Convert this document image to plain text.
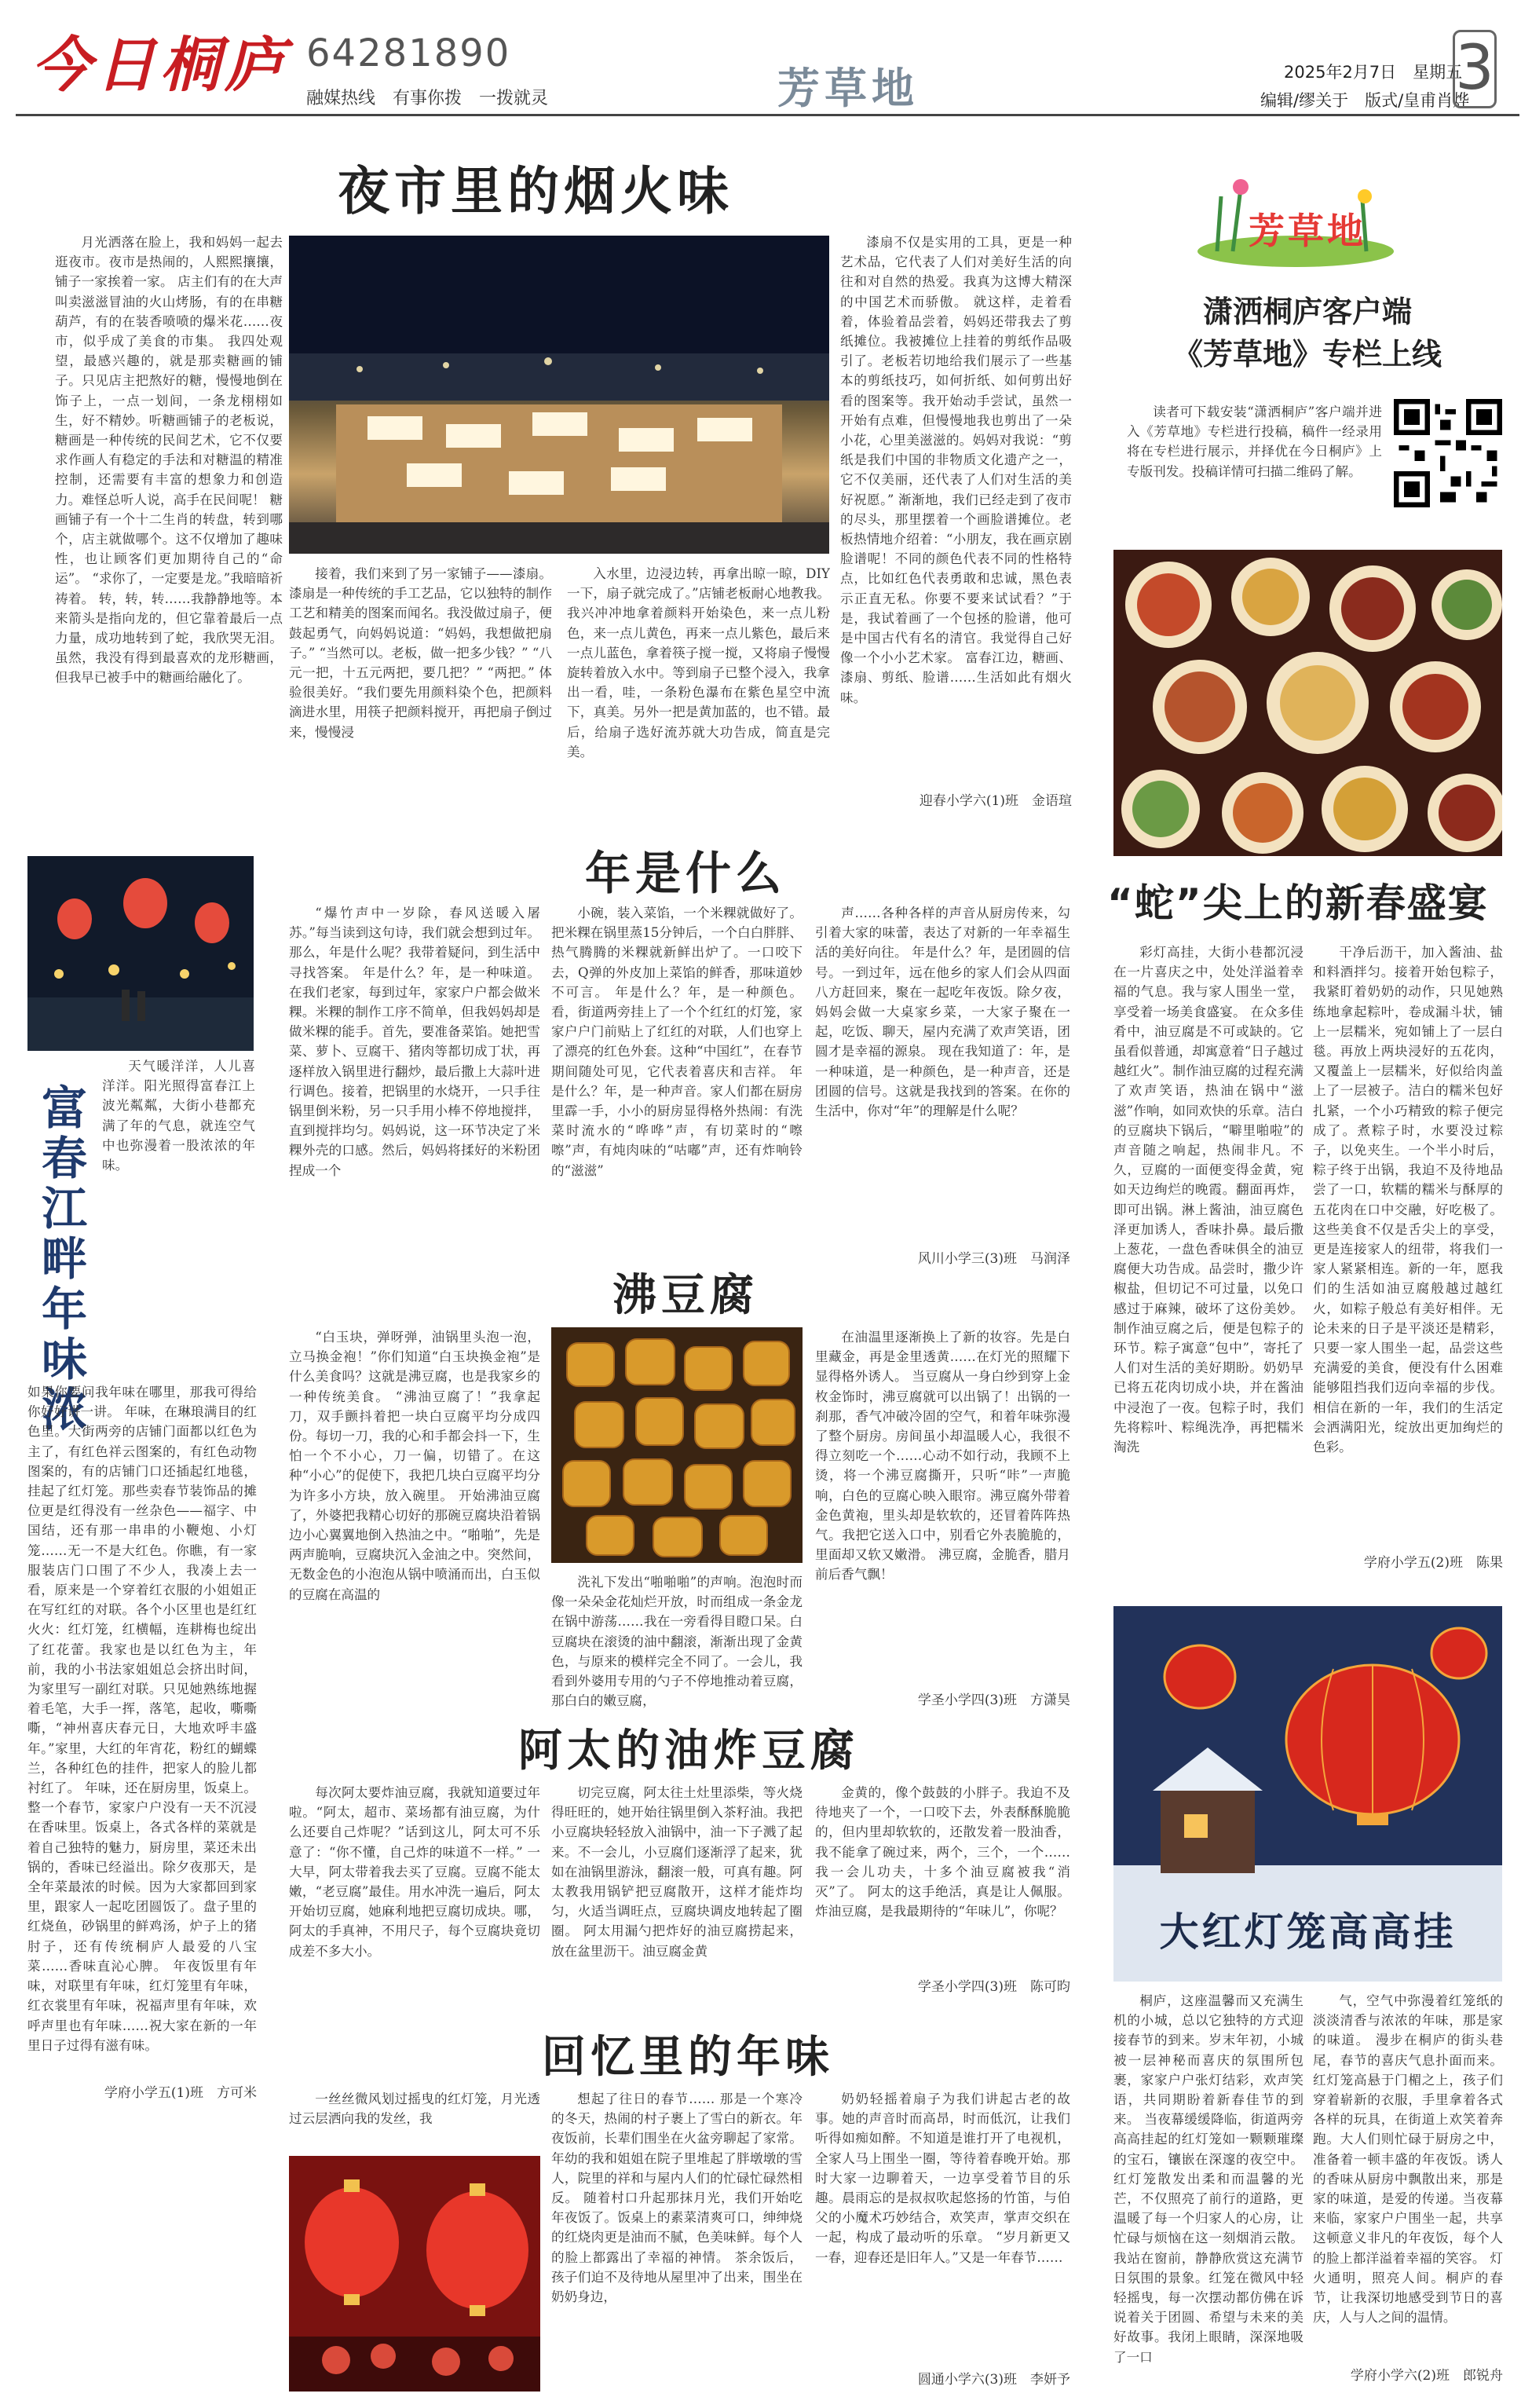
今日桐庐 64281890
融媒热线　有事你拨　一拨就灵	芳草地	2025年2月7日　星期五
编辑/缪关于　版式/皇甫肖烨
3
夜市里的烟火味
月光洒落在脸上，我和妈妈一起去逛夜市。夜市是热闹的，人熙熙攘攘，铺子一家挨着一家。 店主们有的在大声叫卖滋滋冒油的火山烤肠，有的在串糖葫芦，有的在装香喷喷的爆米花……夜市，似乎成了美食的市集。 我四处观望，最感兴趣的，就是那卖糖画的铺子。只见店主把熬好的糖，慢慢地倒在饰子上，一点一划间，一条龙栩栩如生，好不精妙。听糖画铺子的老板说，糖画是一种传统的民间艺术，它不仅要求作画人有稳定的手法和对糖温的精准控制，还需要有丰富的想象力和创造力。难怪总听人说，高手在民间呢！ 糖画铺子有一个十二生肖的转盘，转到哪个，店主就做哪个。这不仅增加了趣味性，也让顾客们更加期待自己的“命运”。 “求你了，一定要是龙。”我暗暗祈祷着。 转，转，转……我静静地等。本来箭头是指向龙的，但它靠着最后一点力量，成功地转到了蛇，我欣哭无泪。虽然，我没有得到最喜欢的龙形糖画，但我早已被手中的糖画给融化了。
接着，我们来到了另一家铺子——漆扇。漆扇是一种传统的手工艺品，它以独特的制作工艺和精美的图案而闻名。我没做过扇子，便鼓起勇气，向妈妈说道：“妈妈，我想做把扇子。” “当然可以。老板，做一把多少钱？” “八元一把，十五元两把，要几把？” “两把。” 体验很美好。“我们要先用颜料染个色，把颜料滴进水里，用筷子把颜料搅开，再把扇子倒过来，慢慢浸
入水里，边浸边转，再拿出晾一晾，DIY一下，扇子就完成了。”店铺老板耐心地教我。 我兴冲冲地拿着颜料开始染色，来一点儿粉色，来一点儿黄色，再来一点儿紫色，最后来一点儿蓝色，拿着筷子搅一搅，又将扇子慢慢旋转着放入水中。等到扇子已整个浸入，我拿出一看，哇，一条粉色瀑布在紫色星空中流下，真美。另外一把是黄加蓝的，也不错。最后，给扇子选好流苏就大功告成，简直是完美。
漆扇不仅是实用的工具，更是一种艺术品，它代表了人们对美好生活的向往和对自然的热爱。我真为这博大精深的中国艺术而骄傲。 就这样，走着看着，体验着品尝着，妈妈还带我去了剪纸摊位。我被摊位上挂着的剪纸作品吸引了。老板若切地给我们展示了一些基本的剪纸技巧，如何折纸、如何剪出好看的图案等。我开始动手尝试，虽然一开始有点难，但慢慢地我也剪出了一朵小花，心里美滋滋的。妈妈对我说：“剪纸是我们中国的非物质文化遗产之一，它不仅美丽，还代表了人们对生活的美好祝愿。” 渐渐地，我们已经走到了夜市的尽头，那里摆着一个画脸谱摊位。老板热情地介绍着：“小朋友，我在画京剧脸谱呢！不同的颜色代表不同的性格特点，比如红色代表勇敢和忠诚，黑色表示正直无私。你要不要来试试看？”于是，我试着画了一个包拯的脸谱，他可是中国古代有名的清官。我觉得自己好像一个小小艺术家。 富春江边，糖画、漆扇、剪纸、脸谱……生活如此有烟火味。
迎春小学六(1)班　金语瑄
芳草地
潇洒桐庐客户端
《芳草地》专栏上线
读者可下载安装“潇洒桐庐”客户端并进入《芳草地》专栏进行投稿，稿件一经录用将在专栏进行展示，并择优在今日桐庐》上专版刊发。投稿详情可扫描二维码了解。
“蛇”尖上的新春盛宴
彩灯高挂，大街小巷都沉浸在一片喜庆之中，处处洋溢着幸福的气息。我与家人围坐一堂，享受着一场美食盛宴。 在众多佳肴中，油豆腐是不可或缺的。它虽看似普通，却寓意着“日子越过越红火”。制作油豆腐的过程充满了欢声笑语，热油在锅中“滋滋”作响，如同欢快的乐章。洁白的豆腐块下锅后，“噼里啪啦”的声音随之响起，热闹非凡。不久，豆腐的一面便变得金黄，宛如天边绚烂的晚霞。翻面再炸，即可出锅。淋上酱油，油豆腐色泽更加诱人，香味扑鼻。最后撒上葱花，一盘色香味俱全的油豆腐便大功告成。品尝时，撒少许椒盐，但切记不可过量，以免口感过于麻辣，破坏了这份美妙。 制作油豆腐之后，便是包粽子的环节。粽子寓意“包中”，寄托了人们对生活的美好期盼。奶奶早已将五花肉切成小块，并在酱油中浸泡了一夜。包粽子时，我们先将粽叶、粽绳洗净，再把糯米淘洗
干净后沥干，加入酱油、盐和料酒拌匀。接着开始包粽子，我紧盯着奶奶的动作，只见她熟练地拿起粽叶，卷成漏斗状，铺上一层糯米，宛如铺上了一层白毯。再放上两块浸好的五花肉，又覆盖上一层糯米，好似给肉盖上了一层被子。洁白的糯米包好扎紧，一个小巧精致的粽子便完成了。煮粽子时，水要没过粽子，以免夹生。一个半小时后，粽子终于出锅，我迫不及待地品尝了一口，软糯的糯米与酥厚的五花肉在口中交融，好吃极了。 这些美食不仅是舌尖上的享受，更是连接家人的纽带，将我们一家人紧紧相连。新的一年，愿我们的生活如油豆腐般越过越红火，如粽子般总有美好相伴。无论未来的日子是平淡还是精彩，只要一家人围坐一起，品尝这些充满爱的美食，便没有什么困难能够阻挡我们迈向幸福的步伐。 相信在新的一年，我们的生活定会洒满阳光，绽放出更加绚烂的色彩。
学府小学五(2)班　陈果
年是什么
“爆竹声中一岁除，春风送暖入屠苏。”每当读到这句诗，我们就会想到过年。那么，年是什么呢？我带着疑问，到生活中寻找答案。 年是什么？年，是一种味道。在我们老家，每到过年，家家户户都会做米粿。米粿的制作工序不简单，但我妈妈却是做米粿的能手。首先，要准备菜馅。她把雪菜、萝卜、豆腐干、猪肉等都切成丁状，再逐样放入锅里进行翻炒，最后撒上大蒜叶进行调色。接着，把锅里的水烧开，一只手往锅里倒米粉，另一只手用小棒不停地搅拌，直到搅拌均匀。妈妈说，这一环节决定了米粿外壳的口感。然后，妈妈将揉好的米粉团捏成一个
小碗，装入菜馅，一个米粿就做好了。把米粿在锅里蒸15分钟后，一个白白胖胖、热气腾腾的米粿就新鲜出炉了。一口咬下去，Q弹的外皮加上菜馅的鲜香，那味道妙不可言。 年是什么？年，是一种颜色。看，街道两旁挂上了一个个红红的灯笼，家家户户门前贴上了红红的对联，人们也穿上了漂亮的红色外套。这种“中国红”，在春节期间随处可见，它代表着喜庆和吉祥。 年是什么？年，是一种声音。家人们都在厨房里霹一手，小小的厨房显得格外热闹：有洗菜时流水的“哗哗”声，有切菜时的“嚓嚓”声，有炖肉味的“咕嘟”声，还有炸响铃的“滋滋”
声……各种各样的声音从厨房传来，勾引着大家的味蕾，表达了对新的一年幸福生活的美好向往。 年是什么？年，是团圆的信号。一到过年，远在他乡的家人们会从四面八方赶回来，聚在一起吃年夜饭。除夕夜，妈妈会做一大桌家乡菜，一大家子聚在一起，吃饭、聊天，屋内充满了欢声笑语，团圆才是幸福的源泉。 现在我知道了：年，是一种味道，是一种颜色，是一种声音，还是团圆的信号。这就是我找到的答案。在你的生活中，你对“年”的理解是什么呢？
风川小学三(3)班　马润泽
富春江畔年味浓
天气暖洋洋，人儿喜洋洋。阳光照得富春江上波光粼粼，大街小巷都充满了年的气息，就连空气中也弥漫着一股浓浓的年味。
如果你要问我年味在哪里，那我可得给你好好讲一讲。 年味，在琳琅满目的红色里。大街两旁的店铺门面都以红色为主了，有红色祥云图案的，有红色动物图案的，有的店铺门口还插起红地毯，挂起了红灯笼。那些卖春节装饰品的摊位更是红得没有一丝杂色——福字、中国结，还有那一串串的小鞭炮、小灯笼……无一不是大红色。你瞧，有一家服装店门口围了不少人，我凑上去一看，原来是一个穿着红衣服的小姐姐正在写红红的对联。各个小区里也是红红火火：红灯笼，红横幅，连耕梅也绽出了红花蕾。我家也是以红色为主，年前，我的小书法家姐姐总会挤出时间，为家里写一副红对联。只见她熟练地握着毛笔，大手一挥，落笔，起收，嘶嘶嘶，“神州喜庆春元日，大地欢呼丰盛年。”家里，大红的年宵花，粉红的蝴蝶兰，各种红色的挂件，把家人的脸儿都衬红了。 年味，还在厨房里，饭桌上。整一个春节，家家户户没有一天不沉浸在香味里。饭桌上，各式各样的菜就是着自己独特的魅力，厨房里，菜还未出锅的，香味已经溢出。除夕夜那天，是全年菜最浓的时候。因为大家都回到家里，跟家人一起吃团圆饭了。盘子里的红烧鱼，砂锅里的鲜鸡汤，炉子上的猪肘子，还有传统桐庐人最爱的八宝菜……香味直沁心脾。 年夜饭里有年味，对联里有年味，红灯笼里有年味，红衣裳里有年味，祝福声里有年味，欢呼声里也有年味……祝大家在新的一年里日子过得有滋有味。
学府小学五(1)班　方可米
沸豆腐
“白玉块，弹呀弹，油锅里头泡一泡，立马换金袍！”你们知道“白玉块换金袍”是什么美食吗？这就是沸豆腐，也是我家乡的一种传统美食。 “沸油豆腐了！”我拿起刀，双手颤抖着把一块白豆腐平均分成四份。每切一刀，我的心和手都会抖一下，生怕一个不小心，刀一偏，切错了。在这种“小心”的促使下，我把几块白豆腐平均分为许多小方块，放入碗里。 开始沸油豆腐了，外婆把我精心切好的那碗豆腐块沿着锅边小心翼翼地倒入热油之中。“啪啪”，先是两声脆响，豆腐块沉入金油之中。突然间，无数金色的小泡泡从锅中喷涌而出，白玉似的豆腐在高温的
洗礼下发出“啪啪啪”的声响。泡泡时而像一朵朵金花灿烂开放，时而组成一条金龙在锅中游荡……我在一旁看得目瞪口呆。白豆腐块在滚烫的油中翻滚，渐渐出现了金黄色，与原来的模样完全不同了。一会儿，我看到外婆用专用的勺子不停地推动着豆腐，那白白的嫩豆腐，
在油温里逐渐换上了新的妆容。先是白里藏金，再是金里透黄……在灯光的照耀下显得格外诱人。 当豆腐从一身白纱到穿上金枚金饰时，沸豆腐就可以出锅了！出锅的一刹那，香气冲破冷固的空气，和着年味弥漫了整个厨房。房间虽小却温暖人心，我很不得立刻吃一个……心动不如行动，我顾不上烫，将一个沸豆腐撕开，只听“咔”一声脆响，白色的豆腐心映入眼帘。沸豆腐外带着金色黄袍，里头却是软软的，还冒着阵阵热气。我把它送入口中，别看它外表脆脆的，里面却又软又嫩滑。 沸豆腐，金脆香，腊月前后香气飘！
学圣小学四(3)班　方潇昊
大红灯笼高高挂
桐庐，这座温馨而又充满生机的小城，总以它独特的方式迎接春节的到来。岁末年初，小城被一层神秘而喜庆的氛围所包裹，家家户户张灯结彩，欢声笑语，共同期盼着新春佳节的到来。 当夜幕缓缓降临，街道两旁高高挂起的红灯笼如一颗颗璀璨的宝石，镶嵌在深邃的夜空中。红灯笼散发出柔和而温馨的光芒，不仅照亮了前行的道路，更温暖了每一个归家人的心房，让忙碌与烦恼在这一刻烟消云散。 我站在窗前，静静欣赏这充满节日氛围的景象。红笼在微风中轻轻摇曳，每一次摆动都仿佛在诉说着关于团圆、希望与未来的美好故事。我闭上眼睛，深深地吸了一口
气，空气中弥漫着红笼纸的淡淡清香与浓浓的年味，那是家的味道。 漫步在桐庐的街头巷尾，春节的喜庆气息扑面而来。红灯笼高悬于门楣之上，孩子们穿着崭新的衣服，手里拿着各式各样的玩具，在街道上欢笑着奔跑。大人们则忙碌于厨房之中，准备着一顿丰盛的年夜饭。诱人的香味从厨房中飘散出来，那是家的味道，是爱的传递。当夜幕来临，家家户户围坐一起，共享这顿意义非凡的年夜饭，每个人的脸上都洋溢着幸福的笑容。 灯火通明，照亮人间。桐庐的春节，让我深切地感受到节日的喜庆，人与人之间的温情。
学府小学六(2)班　郎锐舟
阿太的油炸豆腐
每次阿太要炸油豆腐，我就知道要过年啦。“阿太，超市、菜场都有油豆腐，为什么还要自己炸呢？”话到这儿，阿太可不乐意了：“你不懂，自己炸的味道不一样。” 一大早，阿太带着我去买了豆腐。豆腐不能太嫩，“老豆腐”最佳。用水冲洗一遍后，阿太开始切豆腐，她麻利地把豆腐切成块。哪，阿太的手真神，不用尺子，每个豆腐块竟切成差不多大小。
切完豆腐，阿太往土灶里添柴，等火烧得旺旺的，她开始往锅里倒入茶籽油。我把小豆腐块轻轻放入油锅中，油一下子溅了起来。不一会儿，小豆腐们逐渐浮了起来，犹如在油锅里游泳，翻滚一般，可真有趣。阿太教我用锅铲把豆腐散开，这样才能炸均匀，火适当调旺点，豆腐块调皮地转起了圈圈。 阿太用漏勺把炸好的油豆腐捞起来，放在盆里沥干。油豆腐金黄
金黄的，像个鼓鼓的小胖子。我迫不及待地夹了一个，一口咬下去，外表酥酥脆脆的，但内里却软软的，还散发着一股油香，我不能拿了碗过来，两个，三个，一个……我一会儿功夫，十多个油豆腐被我“消灭”了。 阿太的这手绝活，真是让人佩服。炸油豆腐，是我最期待的“年味儿”，你呢？
学圣小学四(3)班　陈可昀
回忆里的年味
一丝丝微风划过摇曳的红灯笼，月光透过云层洒向我的发丝，我
想起了往日的春节…… 那是一个寒冷的冬天，热闹的村子裹上了雪白的新衣。年夜饭前，长辈们围坐在火盆旁聊起了家常。年幼的我和姐姐在院子里堆起了胖墩墩的雪人，院里的祥和与屋内人们的忙碌忙碌然相反。 随着村口升起那抹月光，我们开始吃年夜饭了。饭桌上的素菜清爽可口，绅绅烧的红烧肉更是油而不腻，色美味鲜。每个人的脸上都露出了幸福的神情。 茶余饭后，孩子们迫不及待地从屋里冲了出来，围坐在奶奶身边，
奶奶轻摇着扇子为我们讲起古老的故事。她的声音时而高昂，时而低沉，让我们听得如痴如醉。不知道是谁打开了电视机，全家人马上围坐一圈，等待着春晚开始。那时大家一边聊着天，一边享受着节目的乐趣。晨雨忘的是叔叔吹起悠扬的竹笛，与伯父的小魔术巧妙结合，欢笑声，掌声交织在一起，构成了最动听的乐章。 “岁月新更又一春，迎春还是旧年人。”又是一年春节……
圆通小学六(3)班　李妍予
